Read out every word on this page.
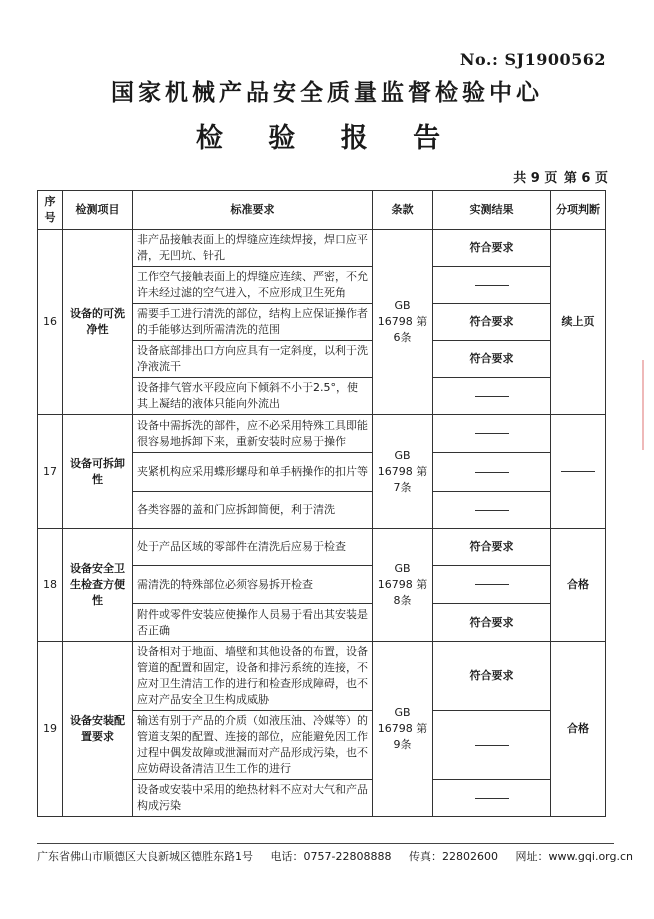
No.: SJ1900562
国家机械产品安全质量监督检验中心
检 验 报 告
共 9 页 第 6 页
序号	检测项目	标准要求	条款	实测结果	分项判断
16	设备的可洗净性	非产品接触表面上的焊缝应连续焊接，焊口应平滑，无凹坑、针孔	GB 16798 第6条	符合要求	续上页
		工作空气接触表面上的焊缝应连续、严密，不允许未经过滤的空气进入，不应形成卫生死角			
		需要手工进行清洗的部位，结构上应保证操作者的手能够达到所需清洗的范围		符合要求	
		设备底部排出口方向应具有一定斜度，以利于洗净液流干		符合要求	
		设备排气管水平段应向下倾斜不小于2.5°，使其上凝结的液体只能向外流出			
17	设备可拆卸性	设备中需拆洗的部件，应不必采用特殊工具即能很容易地拆卸下来，重新安装时应易于操作	GB 16798 第7条		
		夹紧机构应采用蝶形螺母和单手柄操作的扣片等			
		各类容器的盖和门应拆卸简便，利于清洗			
18	设备安全卫生检查方便性	处于产品区域的零部件在清洗后应易于检查	GB 16798 第8条	符合要求	合格
		需清洗的特殊部位必须容易拆开检查			
		附件或零件安装应使操作人员易于看出其安装是否正确		符合要求	
19	设备安装配置要求	设备相对于地面、墙壁和其他设备的布置，设备管道的配置和固定，设备和排污系统的连接，不应对卫生清洁工作的进行和检查形成障碍，也不应对产品安全卫生构成威胁	GB 16798 第9条	符合要求	合格
		输送有别于产品的介质（如液压油、冷媒等）的管道支架的配置、连接的部位，应能避免因工作过程中偶发故障或泄漏而对产品形成污染，也不应妨碍设备清洁卫生工作的进行			
		设备或安装中采用的绝热材料不应对大气和产品构成污染			
广东省佛山市顺德区大良新城区德胜东路1号 电话：0757-22808888 传真：22802600 网址：www.gqi.org.cn
